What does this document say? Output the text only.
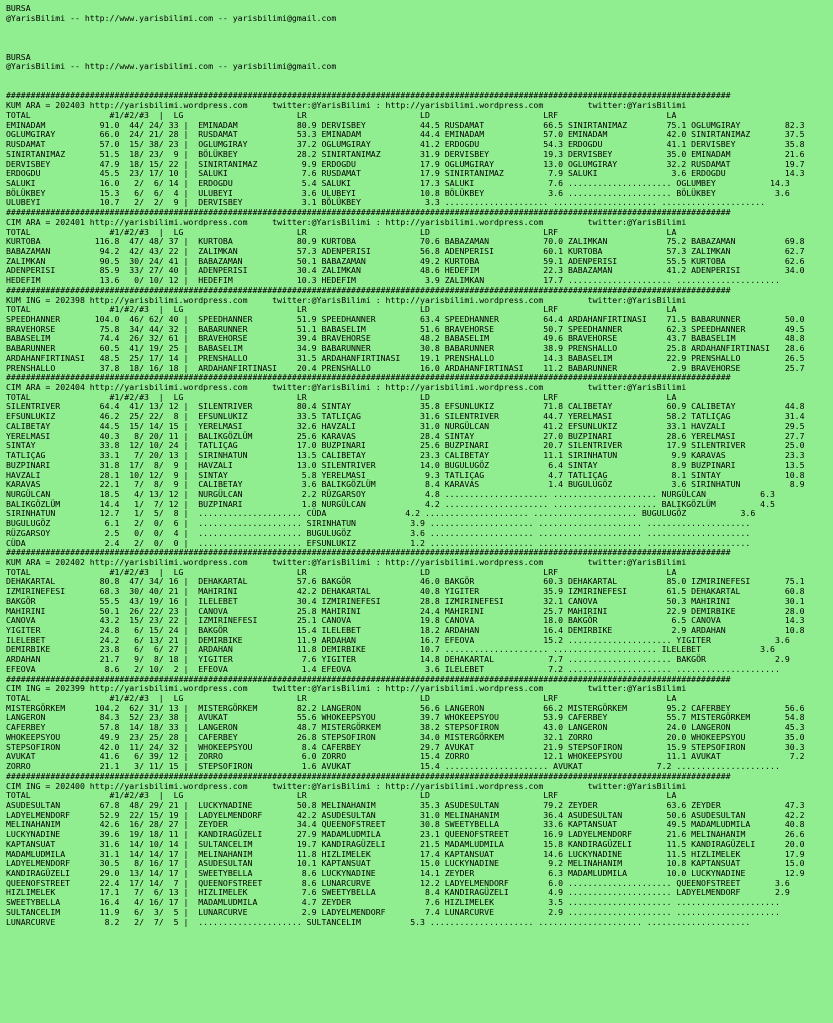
BURSA
@YarisBilimi -- http://www.yarisbilimi.com -- yarisbilimi@gmail.com

BURSA
@YarisBilimi -- http://www.yarisbilimi.com -- yarisbilimi@gmail.com

###################################################################################################################################################
KUM ARA = 202403 http://yarisbilimi.wordpress.com     twitter:@YarisBilimi : http://yarisbilimi.wordpress.com         twitter:@YarisBilimi
TOTAL                #1/#2/#3  |  LG                       LR                       LD                       LRF                      LA
EMINADAM           91.0  44/ 24/ 33 |  EMINADAM            80.9 DERVISBEY           44.5 RUSDAMAT            66.5 SINIRTANIMAZ        75.1 OGLUMGIRAY         82.3
OGLUMGIRAY         66.0  24/ 21/ 28 |  RUSDAMAT            53.3 EMINADAM            44.4 EMINADAM            57.0 EMINADAM            42.0 SINIRTANIMAZ       37.5
RUSDAMAT           57.0  15/ 38/ 23 |  OGLUMGIRAY          37.2 OGLUMGIRAY          41.2 ERDOGDU             54.3 ERDOGDU             41.1 DERVISBEY          35.8
SINIRTANIMAZ       51.5  18/ 23/  9 |  BÖLÜKBEY            28.2 SINIRTANIMAZ        31.9 DERVISBEY           19.3 DERVISBEY           35.0 EMINADAM           21.6
DERVISBEY          47.9  18/ 15/ 22 |  SINIRTANIMAZ         9.9 ERDOGDU             17.9 OGLUMGIRAY          13.0 OGLUMGIRAY          32.2 RUSDAMAT           19.7
ERDOGDU            45.5  23/ 17/ 10 |  SALUKI               7.6 RUSDAMAT            17.9 SINIRTANIMAZ         7.9 SALUKI               3.6 ERDOGDU            14.3
SALUKI             16.0   2/  6/ 14 |  ERDOGDU              5.4 SALUKI              17.3 SALUKI               7.6 ..................... OGLUMBEY           14.3
BÖLÜKBEY           15.3   6/  6/  4 |  ULUBEYI              3.6 ULUBEYI             10.8 BÖLÜKBEY             3.6 ..................... BÖLÜKBEY            3.6
ULUBEYI            10.7   2/  2/  9 |  DERVISBEY            3.1 BÖLÜKBEY             3.3 ..................... ..................... .....................
###################################################################################################################################################
CIM ARA = 202401 http://yarisbilimi.wordpress.com     twitter:@YarisBilimi : http://yarisbilimi.wordpress.com         twitter:@YarisBilimi
TOTAL                #1/#2/#3  |  LG                       LR                       LD                       LRF                      LA
KURTOBA           116.8  47/ 48/ 37 |  KURTOBA             80.9 KURTOBA             70.6 BABAZAMAN           70.0 ZALIMKAN            75.2 BABAZAMAN          69.8
BABAZAMAN          94.2  42/ 43/ 22 |  ZALIMKAN            57.3 ADENPERISI          56.8 ADENPERISI          60.1 KURTOBA             57.3 ZALIMKAN           62.7
ZALIMKAN           90.5  30/ 24/ 41 |  BABAZAMAN           50.1 BABAZAMAN           49.2 KURTOBA             59.1 ADENPERISI          55.5 KURTOBA            62.6
ADENPERISI         85.9  33/ 27/ 40 |  ADENPERISI          30.4 ZALIMKAN            48.6 HEDEFIM             22.3 BABAZAMAN           41.2 ADENPERISI         34.0
HEDEFIM            13.6   0/ 10/ 12 |  HEDEFIM             10.3 HEDEFIM              3.9 ZALIMKAN            17.7 ..................... .....................
###################################################################################################################################################
KUM ING = 202398 http://yarisbilimi.wordpress.com     twitter:@YarisBilimi : http://yarisbilimi.wordpress.com         twitter:@YarisBilimi
TOTAL                #1/#2/#3  |  LG                       LR                       LD                       LRF                      LA
SPEEDHANNER       104.0  46/ 62/ 40 |  SPEEDHANNER         51.9 SPEEDHANNER         63.4 SPEEDHANNER         64.4 ARDAHANFIRTINASI    71.5 BABARUNNER         50.0
BRAVEHORSE         75.8  34/ 44/ 32 |  BABARUNNER          51.1 BABASELIM           51.6 BRAVEHORSE          50.7 SPEEDHANNER         62.3 SPEEDHANNER        49.5
BABASELIM          74.4  26/ 32/ 61 |  BRAVEHORSE          39.4 BRAVEHORSE          48.2 BABASELIM           49.6 BRAVEHORSE          43.7 BABASELIM          48.8
BABARUNNER         60.5  41/ 19/ 25 |  BABASELIM           34.9 BABARUNNER          30.8 BABARUNNER          38.9 PRENSHALLO          25.8 ARDAHANFIRTINASI   28.6
ARDAHANFIRTINASI   48.5  25/ 17/ 14 |  PRENSHALLO          31.5 ARDAHANFIRTINASI    19.1 PRENSHALLO          14.3 BABASELIM           22.9 PRENSHALLO         26.5
PRENSHALLO         37.8  18/ 16/ 18 |  ARDAHANFIRTINASI    20.4 PRENSHALLO          16.0 ARDAHANFIRTINASI    11.2 BABARUNNER           2.9 BRAVEHORSE         25.7
###################################################################################################################################################
CIM ARA = 202404 http://yarisbilimi.wordpress.com     twitter:@YarisBilimi : http://yarisbilimi.wordpress.com         twitter:@YarisBilimi
TOTAL                #1/#2/#3  |  LG                       LR                       LD                       LRF                      LA
SILENTRIVER        64.4  41/ 13/ 12 |  SILENTRIVER         80.4 SINTAY              35.8 EFSUNLUKIZ          71.8 CALIBETAY           60.9 CALIBETAY          44.8
EFSUNLUKIZ         46.2  25/ 22/  8 |  EFSUNLUKIZ          33.5 TATLIÇAG            31.6 SILENTRIVER         44.7 YERELMASI           58.2 TATLIÇAG           31.4
CALIBETAY          44.5  15/ 14/ 15 |  YERELMASI           32.6 HAVZALI             31.0 NURGÜLCAN           41.2 EFSUNLUKIZ          33.1 HAVZALI            29.5
YERELMASI          40.3   8/ 20/ 11 |  BALIKGÖZLÜM         25.6 KARAVAS             28.4 SINTAY              27.0 BUZPINARI           28.6 YERELMASI          27.7
SINTAY             33.8  12/ 10/ 24 |  TATLIÇAG            17.0 BUZPINARI           25.6 BUZPINARI           20.7 SILENTRIVER         17.9 SILENTRIVER        25.0
TATLIÇAG           33.1   7/ 20/ 13 |  SIRINHATUN          13.5 CALIBETAY           23.3 CALIBETAY           11.1 SIRINHATUN           9.9 KARAVAS            23.3
BUZPINARI          31.8  17/  8/  9 |  HAVZALI             13.0 SILENTRIVER         14.0 BUGULUGÖZ            6.4 SINTAY               8.9 BUZPINARI          13.5
HAVZALI            28.1  10/ 12/  9 |  SINTAY               5.8 YERELMASI            9.3 TATLIÇAG             4.7 TATLIÇAG             8.1 SINTAY             10.8
KARAVAS            22.1   7/  8/  9 |  CALIBETAY            3.6 BALIKGÖZLÜM          8.4 KARAVAS              1.4 BUGULUGÖZ            3.6 SIRINHATUN          8.9
NURGÜLCAN          18.5   4/ 13/ 12 |  NURGÜLCAN            2.2 RÜZGARSOY            4.8 ..................... ..................... NURGÜLCAN           6.3
BALIKGÖZLÜM        14.4   1/  7/ 12 |  BUZPINARI            1.8 NURGÜLCAN            4.2 ..................... ..................... BALIKGÖZLÜM         4.5
SIRINHATUN         12.7   1/  5/  8 |  ..................... CÜDA                4.2 ..................... ..................... BUGULUGÖZ           3.6
BUGULUGÖZ           6.1   2/  0/  6 |  ..................... SIRINHATUN           3.9 ..................... ..................... .....................
RÜZGARSOY           2.5   0/  0/  4 |  ..................... BUGULUGÖZ            3.6 ..................... ..................... .....................
CÜDA                2.4   2/  0/  0 |  ..................... EFSUNLUKIZ           1.2 ..................... ..................... .....................
###################################################################################################################################################
KUM ARA = 202402 http://yarisbilimi.wordpress.com     twitter:@YarisBilimi : http://yarisbilimi.wordpress.com         twitter:@YarisBilimi
TOTAL                #1/#2/#3  |  LG                       LR                       LD                       LRF                      LA
DEHAKARTAL         80.8  47/ 34/ 16 |  DEHAKARTAL          57.6 BAKGÖR              46.0 BAKGÖR              60.3 DEHAKARTAL          85.0 IZMIRINEFESI       75.1
IZMIRINEFESI       68.3  30/ 40/ 21 |  MAHIRINI            42.2 DEHAKARTAL          40.8 YIGITER             35.9 IZMIRINEFESI        61.5 DEHAKARTAL         60.8
BAKGÖR             55.5  43/ 19/ 16 |  ILELEBET            30.4 IZMIRINEFESI        28.8 IZMIRINEFESI        32.1 CANOVA              50.3 MAHIRINI           30.1
MAHIRINI           50.1  26/ 22/ 23 |  CANOVA              25.8 MAHIRINI            24.4 MAHIRINI            25.7 MAHIRINI            22.9 DEMIRBIKE          28.0
CANOVA             43.2  15/ 23/ 22 |  IZMIRINEFESI        25.1 CANOVA              19.8 CANOVA              18.0 BAKGÖR               6.5 CANOVA             14.3
YIGITER            24.8   6/ 15/ 24 |  BAKGÖR              15.4 ILELEBET            18.2 ARDAHAN             16.4 DEMIRBIKE            2.9 ARDAHAN            10.8
ILELEBET           24.2   6/ 13/ 21 |  DEMIRBIKE           11.9 ARDAHAN             16.7 EFEOVA              15.2 ..................... YIGITER             3.6
DEMIRBIKE          23.8   6/  6/ 27 |  ARDAHAN             11.8 DEMIRBIKE           10.7 ..................... ..................... ILELEBET            3.6
ARDAHAN            21.7   9/  8/ 18 |  YIGITER              7.6 YIGITER             14.8 DEHAKARTAL           7.7 ..................... BAKGÖR              2.9
EFEOVA              8.6   2/ 10/  2 |  EFEOVA               1.4 EFEOVA               3.6 ILELEBET             7.2 ..................... .....................
###################################################################################################################################################
CIM ING = 202399 http://yarisbilimi.wordpress.com     twitter:@YarisBilimi : http://yarisbilimi.wordpress.com         twitter:@YarisBilimi
TOTAL                #1/#2/#3  |  LG                       LR                       LD                       LRF                      LA
MISTERGÖRKEM      104.2  62/ 31/ 13 |  MISTERGÖRKEM        82.2 LANGERON            56.6 LANGERON            66.2 MISTERGÖRKEM        95.2 CAFERBEY           56.6
LANGERON           84.3  52/ 23/ 38 |  AVUKAT              55.6 WHOKEEPSYOU         39.7 WHOKEEPSYOU         53.9 CAFERBEY            55.7 MISTERGÖRKEM       54.8
CAFERBEY           57.8  14/ 18/ 33 |  LANGERON            48.7 MISTERGÖRKEM        38.2 STEPSOFIRON         43.0 LANGERON            24.0 LANGERON           45.3
WHOKEEPSYOU        49.9  23/ 25/ 28 |  CAFERBEY            26.8 STEPSOFIRON         34.0 MISTERGÖRKEM        32.1 ZORRO               20.0 WHOKEEPSYOU        35.0
STEPSOFIRON        42.0  11/ 24/ 32 |  WHOKEEPSYOU          8.4 CAFERBEY            29.7 AVUKAT              21.9 STEPSOFIRON         15.9 STEPSOFIRON        30.3
AVUKAT             41.6   6/ 39/ 12 |  ZORRO                6.0 ZORRO               15.4 ZORRO               12.1 WHOKEEPSYOU         11.1 AVUKAT              7.2
ZORRO              21.1   3/ 11/ 15 |  STEPSOFIRON          1.6 AVUKAT              15.4 ..................... AVUKAT               7.2 .....................
###################################################################################################################################################
CIM ING = 202400 http://yarisbilimi.wordpress.com     twitter:@YarisBilimi : http://yarisbilimi.wordpress.com         twitter:@YarisBilimi
TOTAL                #1/#2/#3  |  LG                       LR                       LD                       LRF                      LA
ASUDESULTAN        67.8  48/ 29/ 21 |  LUCKYNADINE         50.8 MELINAHANIM         35.3 ASUDESULTAN         79.2 ZEYDER              63.6 ZEYDER             47.3
LADYELMENDORF      52.9  22/ 15/ 19 |  LADYELMENDORF       42.2 ASUDESULTAN         31.0 MELINAHANIM         36.4 ASUDESULTAN         50.6 ASUDESULTAN        42.2
MELINAHANIM        42.6  16/ 28/ 27 |  ZEYDER              34.4 QUEENOFSTREET       30.8 SWEETYBELLA         33.6 KAPTANSUAT          49.5 MADAMLUDMILA       40.8
LUCKYNADINE        39.6  19/ 18/ 11 |  KANDIRAGÜZELI       27.9 MADAMLUDMILA        23.1 QUEENOFSTREET       16.9 LADYELMENDORF       21.6 MELINAHANIM        26.6
KAPTANSUAT         31.6  14/ 10/ 14 |  SULTANCELIM         19.7 KANDIRAGÜZELI       21.5 MADAMLUDMILA        15.8 KANDIRAGÜZELI       11.5 KANDIRAGÜZELI      20.0
MADAMLUDMILA       31.1  14/ 14/ 17 |  MELINAHANIM         11.8 HIZLIMELEK          17.4 KAPTANSUAT          14.6 LUCKYNADINE         11.5 HIZLIMELEK         17.9
LADYELMENDORF      30.5   8/ 16/ 17 |  ASUDESULTAN         10.1 KAPTANSUAT          15.0 LUCKYNADINE          9.2 MELINAHANIM         10.8 KAPTANSUAT         15.0
KANDIRAGÜZELI      29.0  13/ 14/ 17 |  SWEETYBELLA          8.6 LUCKYNADINE         14.1 ZEYDER               6.3 MADAMLUDMILA        10.0 LUCKYNADINE        12.9
QUEENOFSTREET      22.4  17/ 14/  7 |  QUEENOFSTREET        8.6 LUNARCURVE          12.2 LADYELMENDORF        6.0 ..................... QUEENOFSTREET       3.6
HIZLIMELEK         17.1   7/  6/ 13 |  HIZLIMELEK           7.6 SWEETYBELLA          8.4 KANDIRAGÜZELI        4.9 ..................... LADYELMENDORF       2.9
SWEETYBELLA        16.4   4/ 16/ 17 |  MADAMLUDMILA         4.7 ZEYDER               7.6 HIZLIMELEK           3.5 ..................... .....................
SULTANCELIM        11.9   6/  3/  5 |  LUNARCURVE           2.9 LADYELMENDORF        7.4 LUNARCURVE           2.9 ..................... .....................
LUNARCURVE          8.2   2/  7/  5 |  ..................... SULTANCELIM          5.3 ..................... ..................... .....................
